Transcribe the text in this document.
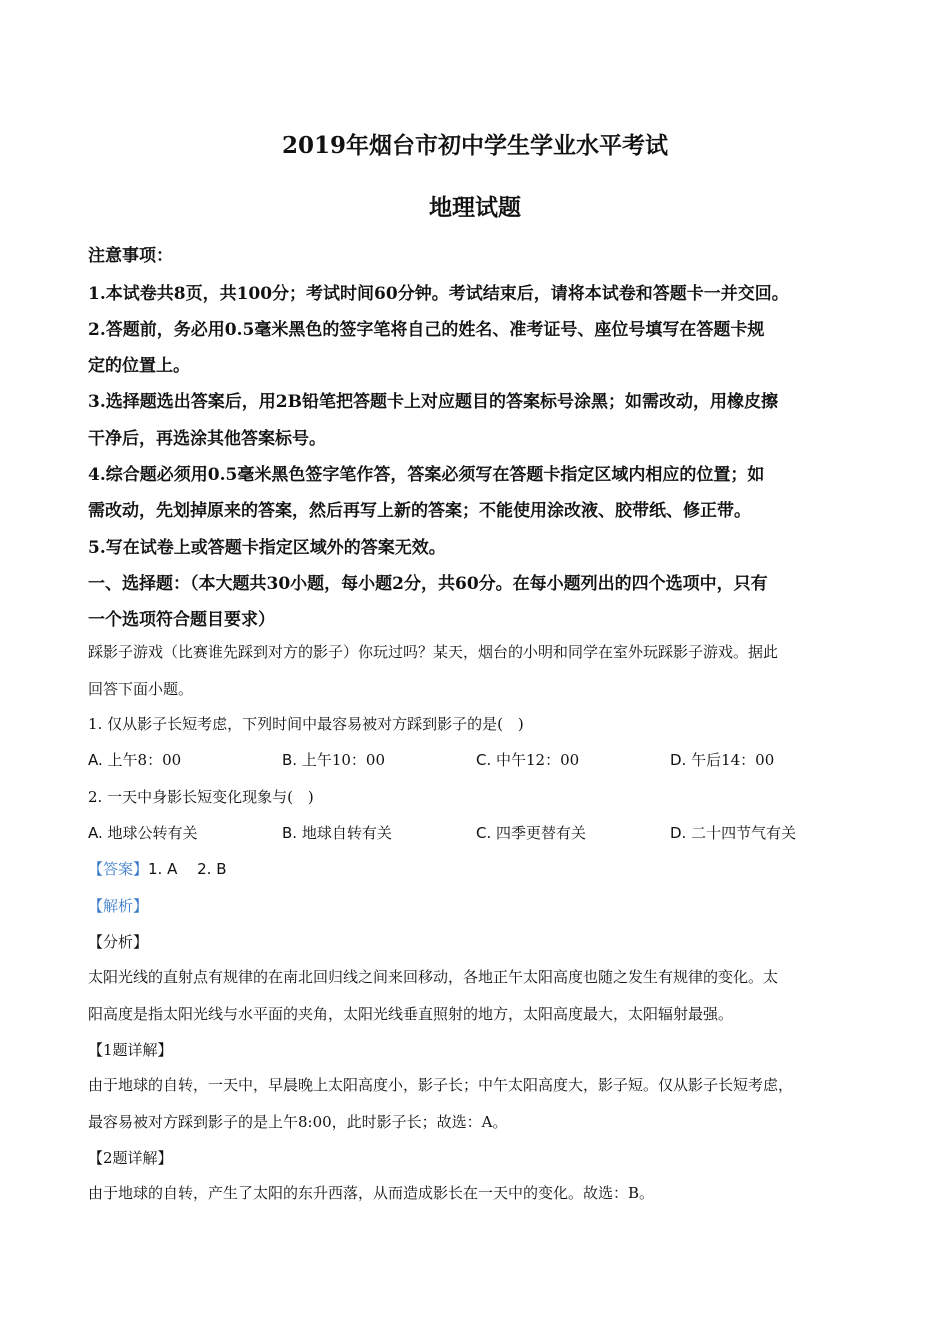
2019年烟台市初中学生学业水平考试
地理试题
注意事项：
1.本试卷共8页，共100分；考试时间60分钟。考试结束后，请将本试卷和答题卡一并交回。
2.答题前，务必用0.5毫米黑色的签字笔将自己的姓名、准考证号、座位号填写在答题卡规
定的位置上。
3.选择题选出答案后，用2B铅笔把答题卡上对应题目的答案标号涂黑；如需改动，用橡皮擦
干净后，再选涂其他答案标号。
4.综合题必须用0.5毫米黑色签字笔作答，答案必须写在答题卡指定区域内相应的位置；如
需改动，先划掉原来的答案，然后再写上新的答案；不能使用涂改液、胶带纸、修正带。
5.写在试卷上或答题卡指定区域外的答案无效。
一、选择题：（本大题共30小题，每小题2分，共60分。在每小题列出的四个选项中，只有
一个选项符合题目要求）
踩影子游戏（比赛谁先踩到对方的影子）你玩过吗？某天，烟台的小明和同学在室外玩踩影子游戏。据此
回答下面小题。
1. 仅从影子长短考虑，下列时间中最容易被对方踩到影子的是(　)
A. 上午8：00	B. 上午10：00	C. 中午12：00	D. 午后14：00
2. 一天中身影长短变化现象与(　)
A. 地球公转有关	B. 地球自转有关	C. 四季更替有关	D. 二十四节气有关
【答案】1. A　 2. B
【解析】
【分析】
太阳光线的直射点有规律的在南北回归线之间来回移动，各地正午太阳高度也随之发生有规律的变化。太
阳高度是指太阳光线与水平面的夹角，太阳光线垂直照射的地方，太阳高度最大，太阳辐射最强。
【1题详解】
由于地球的自转，一天中，早晨晚上太阳高度小，影子长；中午太阳高度大，影子短。仅从影子长短考虑，
最容易被对方踩到影子的是上午8:00，此时影子长；故选：A。
【2题详解】
由于地球的自转，产生了太阳的东升西落，从而造成影长在一天中的变化。故选：B。
